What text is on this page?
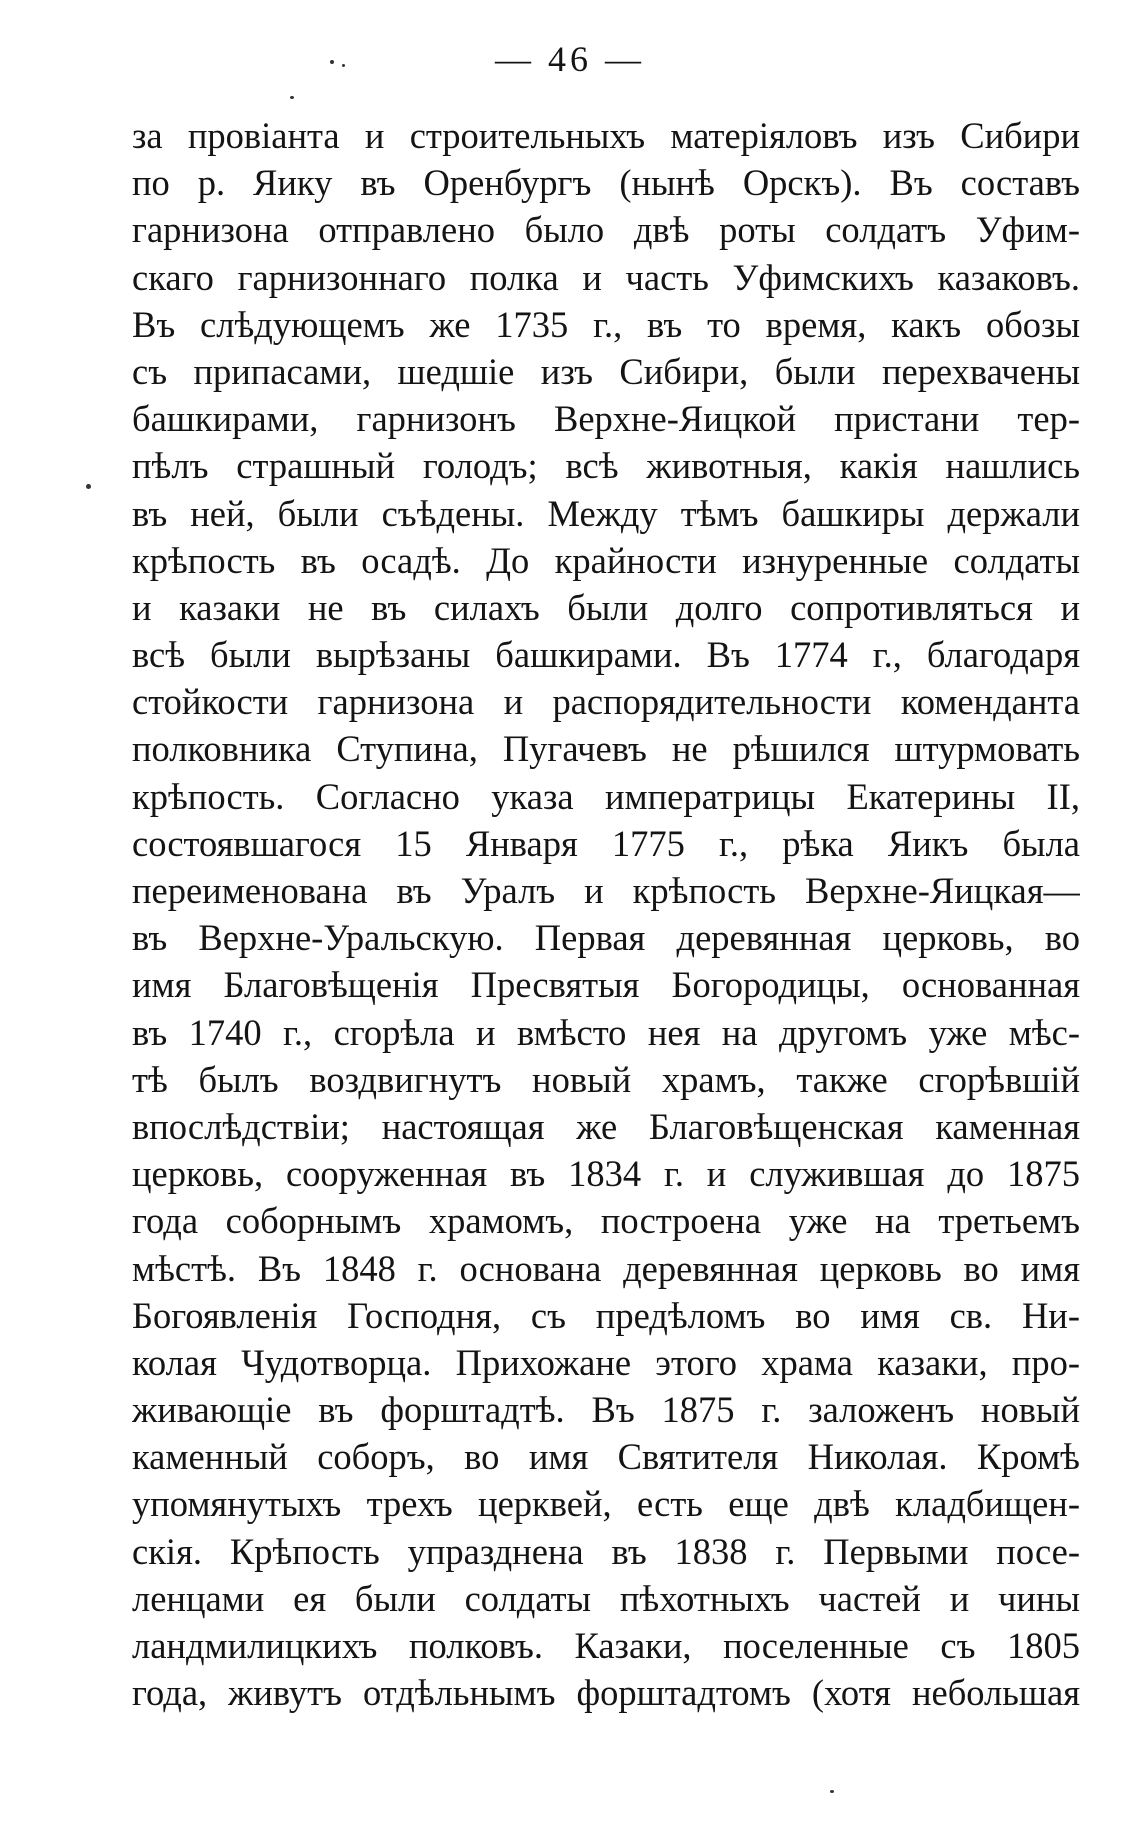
— 46 —
за провіанта и строительныхъ матеріяловъ изъ Сибири
по р. Яику въ Оренбургъ (нынѣ Орскъ). Въ составъ
гарнизона отправлено было двѣ роты солдатъ Уфим-
скаго гарнизоннаго полка и часть Уфимскихъ казаковъ.
Въ слѣдующемъ же 1735 г., въ то время, какъ обозы
съ припасами, шедшіе изъ Сибири, были перехвачены
башкирами, гарнизонъ Верхне-Яицкой пристани тер-
пѣлъ страшный голодъ; всѣ животныя, какія нашлись
въ ней, были съѣдены. Между тѣмъ башкиры держали
крѣпость въ осадѣ. До крайности изнуренные солдаты
и казаки не въ силахъ были долго сопротивляться и
всѣ были вырѣзаны башкирами. Въ 1774 г., благодаря
стойкости гарнизона и распорядительности коменданта
полковника Ступина, Пугачевъ не рѣшился штурмовать
крѣпость. Согласно указа императрицы Екатерины II,
состоявшагося 15 Января 1775 г., рѣка Яикъ была
переименована въ Уралъ и крѣпость Верхне-Яицкая—
въ Верхне-Уральскую. Первая деревянная церковь, во
имя Благовѣщенія Пресвятыя Богородицы, основанная
въ 1740 г., сгорѣла и вмѣсто нея на другомъ уже мѣс-
тѣ былъ воздвигнутъ новый храмъ, также сгорѣвшій
впослѣдствіи; настоящая же Благовѣщенская каменная
церковь, сооруженная въ 1834 г. и служившая до 1875
года соборнымъ храмомъ, построена уже на третьемъ
мѣстѣ. Въ 1848 г. основана деревянная церковь во имя
Богоявленія Господня, съ предѣломъ во имя св. Ни-
колая Чудотворца. Прихожане этого храма казаки, про-
живающіе въ форштадтѣ. Въ 1875 г. заложенъ новый
каменный соборъ, во имя Святителя Николая. Кромѣ
упомянутыхъ трехъ церквей, есть еще двѣ кладбищен-
скія. Крѣпость упразднена въ 1838 г. Первыми посе-
ленцами ея были солдаты пѣхотныхъ частей и чины
ландмилицкихъ полковъ. Казаки, поселенные съ 1805
года, живутъ отдѣльнымъ форштадтомъ (хотя небольшая
